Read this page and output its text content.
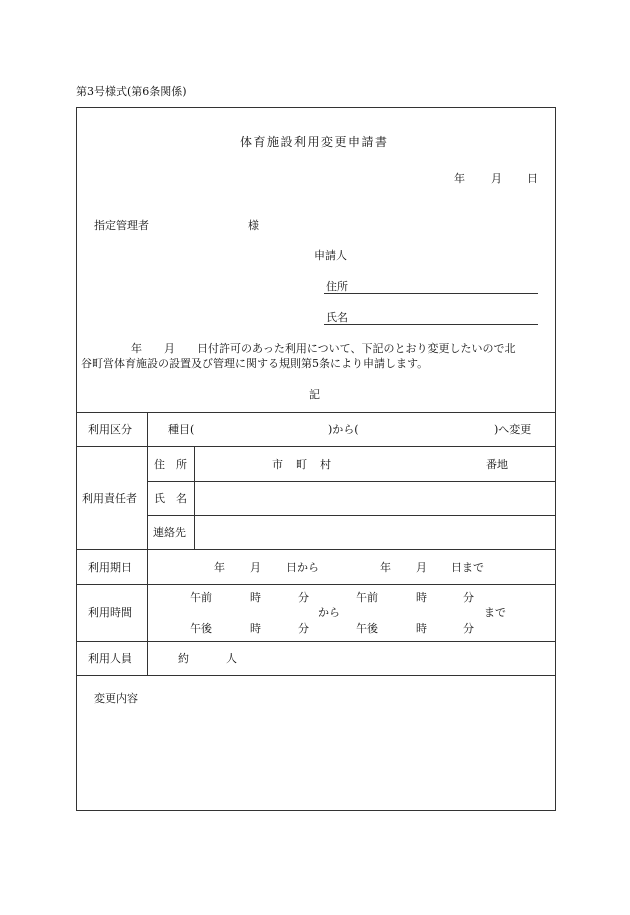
第3号様式(第6条関係)
体育施設利用変更申請書
年 月 日
指定管理者	様
申請人
住所
氏名
年　　月　　日付許可のあった利用について、下記のとおり変更したいので北
谷町営体育施設の設置及び管理に関する規則第5条により申請します。
記
利用区分	種目(	)から(	)へ変更
利用責任者
住　所	市 町 村	番地
氏　名
連絡先
利用期日	年 月 日から	年 月 日まで
利用時間
午前	時	分	午前	時	分
から	まで
午後	時	分	午後	時	分
利用人員	約	人
変更内容
